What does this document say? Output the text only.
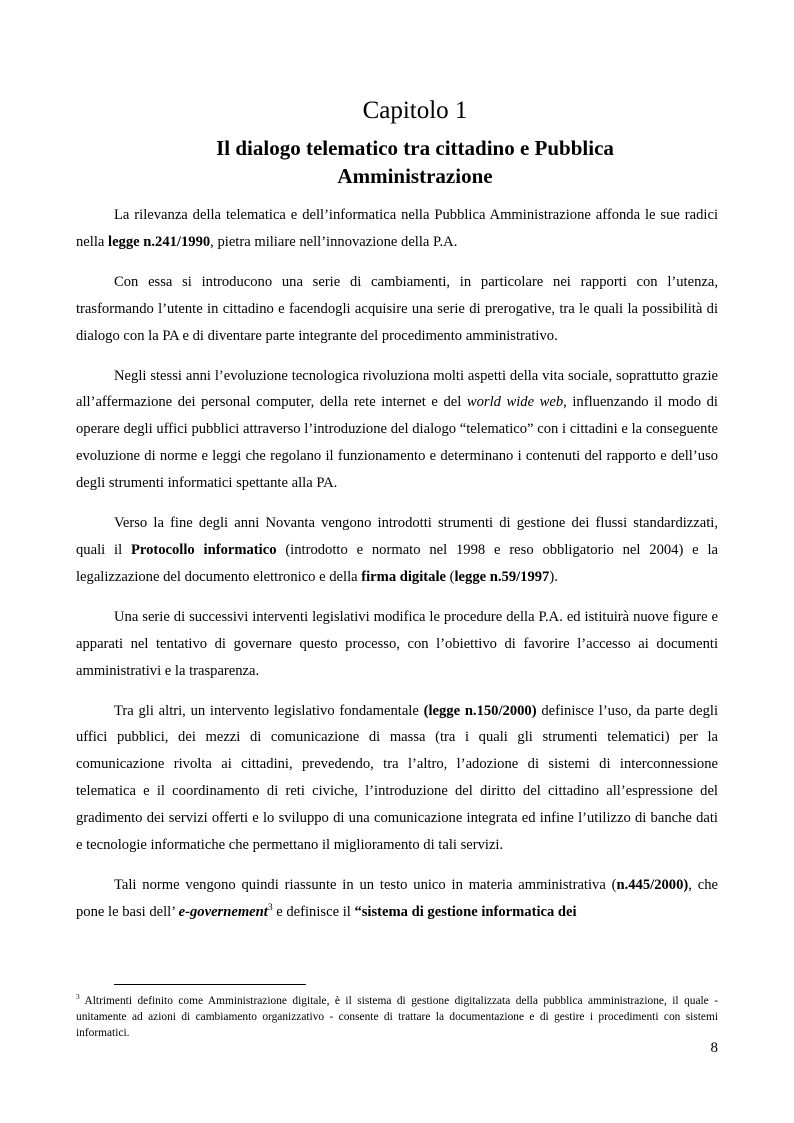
Capitolo 1
Il dialogo telematico tra cittadino e Pubblica
Amministrazione

La rilevanza della telematica e dell’informatica nella Pubblica Amministrazione affonda le sue radici nella legge n.241/1990, pietra miliare nell’innovazione della P.A.

Con essa si introducono una serie di cambiamenti, in particolare nei rapporti con l’utenza, trasformando l’utente in cittadino e facendogli acquisire una serie di prerogative, tra le quali la possibilità di dialogo con la PA e di diventare parte integrante del procedimento amministrativo.

Negli stessi anni l’evoluzione tecnologica rivoluziona molti aspetti della vita sociale, soprattutto grazie all’affermazione dei personal computer, della rete internet e del world wide web, influenzando il modo di operare degli uffici pubblici attraverso l’introduzione del dialogo “telematico” con i cittadini e la conseguente evoluzione di norme e leggi che regolano il funzionamento e determinano i contenuti del rapporto e dell’uso degli strumenti informatici spettante alla PA.

Verso la fine degli anni Novanta vengono introdotti strumenti di gestione dei flussi standardizzati, quali il Protocollo informatico (introdotto e normato nel 1998 e reso obbligatorio nel 2004) e la legalizzazione del documento elettronico e della firma digitale (legge n.59/1997).

Una serie di successivi interventi legislativi modifica le procedure della P.A. ed istituirà nuove figure e apparati nel tentativo di governare questo processo, con l’obiettivo di favorire l’accesso ai documenti amministrativi e la trasparenza.

Tra gli altri, un intervento legislativo fondamentale (legge n.150/2000) definisce l’uso, da parte degli uffici pubblici, dei mezzi di comunicazione di massa (tra i quali gli strumenti telematici) per la comunicazione rivolta ai cittadini, prevedendo, tra l’altro, l’adozione di sistemi di interconnessione telematica e il coordinamento di reti civiche, l’introduzione del diritto del cittadino all’espressione del gradimento dei servizi offerti e lo sviluppo di una comunicazione integrata ed infine l’utilizzo di banche dati e tecnologie informatiche che permettano il miglioramento di tali servizi.

Tali norme vengono quindi riassunte in un testo unico in materia amministrativa (n.445/2000), che pone le basi dell’ e-governement$^3$ e definisce il “sistema di gestione informatica dei

$^3$ Altrimenti definito come Amministrazione digitale, è il sistema di gestione digitalizzata della pubblica amministrazione, il quale - unitamente ad azioni di cambiamento organizzativo - consente di trattare la documentazione e di gestire i procedimenti con sistemi informatici.
8
